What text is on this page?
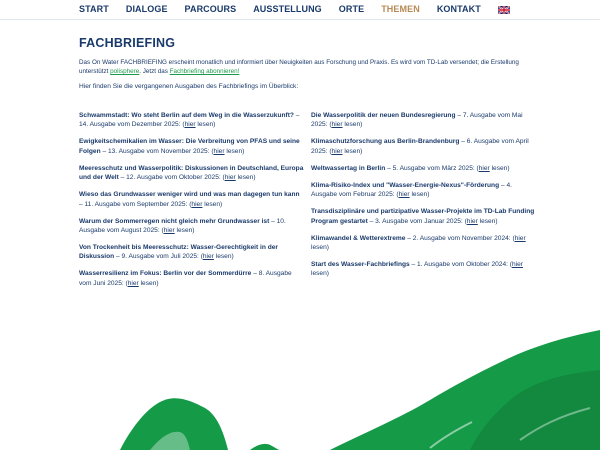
START DIALOGE PARCOURS AUSSTELLUNG ORTE THEMEN KONTAKT
FACHBRIEFING

Das On Water FACHBRIEFING erscheint monatlich und informiert über Neuigkeiten aus Forschung und Praxis. Es wird vom TD-Lab versendet; die Erstellung unterstützt polisphere. Jetzt das Fachbriefing abonnieren!

Hier finden Sie die vergangenen Ausgaben des Fachbriefings im Überblick:

Schwammstadt: Wo steht Berlin auf dem Weg in die Wasserzukunft? – 14. Ausgabe vom Dezember 2025: (hier lesen)

Ewigkeitschemikalien im Wasser: Die Verbreitung von PFAS und seine Folgen – 13. Ausgabe vom November 2025: (hier lesen)

Meeresschutz und Wasserpolitik: Diskussionen in Deutschland, Europa und der Welt – 12. Ausgabe vom Oktober 2025: (hier lesen)

Wieso das Grundwasser weniger wird und was man dagegen tun kann – 11. Ausgabe vom September 2025: (hier lesen)

Warum der Sommerregen nicht gleich mehr Grundwasser ist – 10. Ausgabe vom August 2025: (hier lesen)

Von Trockenheit bis Meeresschutz: Wasser-Gerechtigkeit in der Diskussion – 9. Ausgabe vom Juli 2025: (hier lesen)

Wasserresilienz im Fokus: Berlin vor der Sommerdürre – 8. Ausgabe vom Juni 2025: (hier lesen)

Die Wasserpolitik der neuen Bundesregierung – 7. Ausgabe vom Mai 2025: (hier lesen)

Klimaschutzforschung aus Berlin-Brandenburg – 6. Ausgabe vom April 2025: (hier lesen)

Weltwassertag in Berlin – 5. Ausgabe vom März 2025: (hier lesen)

Klima-Risiko-Index und "Wasser-Energie-Nexus"-Förderung – 4. Ausgabe vom Februar 2025: (hier lesen)

Transdisziplinäre und partizipative Wasser-Projekte im TD-Lab Funding Program gestartet – 3. Ausgabe vom Januar 2025: (hier lesen)

Klimawandel & Wetterextreme – 2. Ausgabe vom November 2024: (hier lesen)

Start des Wasser-Fachbriefings – 1. Ausgabe vom Oktober 2024: (hier lesen)
